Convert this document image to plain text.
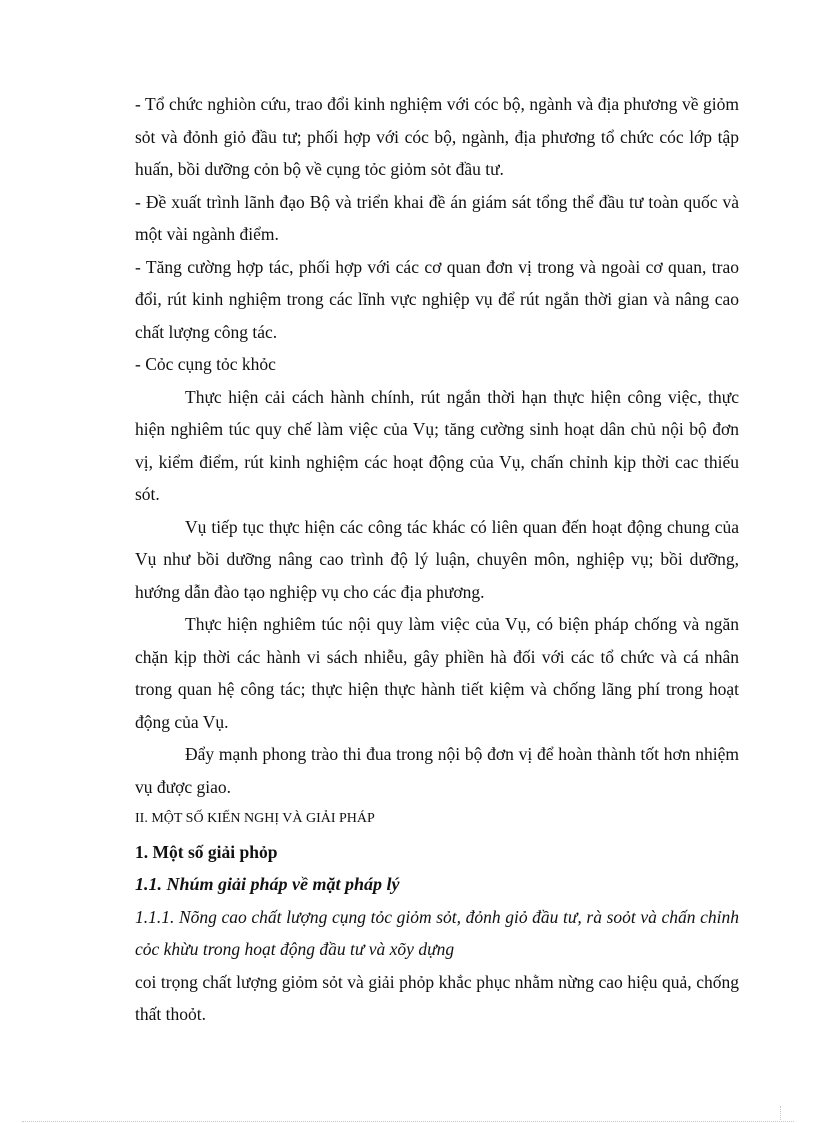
- Tổ chức nghiòn cứu, trao đổi kinh nghiệm với cóc bộ, ngành và địa phương về giỏm sỏt và đỏnh giỏ đầu tư; phối hợp với cóc bộ, ngành, địa phương tổ chức cóc lớp tập huấn, bồi dưỡng cỏn bộ về cụng tỏc giỏm sỏt đầu tư.

- Đề xuất trình lãnh đạo Bộ và triển khai đề án giám sát tổng thể đầu tư toàn quốc và một vài ngành điểm.

- Tăng cường hợp tác, phối hợp với các cơ quan đơn vị trong và ngoài cơ quan, trao đổi, rút kinh nghiệm trong các lĩnh vực nghiệp vụ để rút ngắn thời gian và nâng cao chất lượng công tác.

- Cỏc cụng tỏc khỏc

Thực hiện cải cách hành chính, rút ngắn thời hạn thực hiện công việc, thực hiện nghiêm túc quy chế làm việc của Vụ; tăng cường sinh hoạt dân chủ nội bộ đơn vị, kiểm điểm, rút kinh nghiệm các hoạt động của Vụ, chấn chỉnh kịp thời cac thiếu sót.

Vụ tiếp tục thực hiện các công tác khác có liên quan đến hoạt động chung của Vụ như bồi dưỡng nâng cao trình độ lý luận, chuyên môn, nghiệp vụ; bồi dưỡng, hướng dẫn đào tạo nghiệp vụ cho các địa phương.

Thực hiện nghiêm túc nội quy làm việc của Vụ, có biện pháp chống và ngăn chặn kịp thời các hành vi sách nhiễu, gây phiền hà đối với các tổ chức và cá nhân trong quan hệ công tác; thực hiện thực hành tiết kiệm và chống lãng phí trong hoạt động của Vụ.

Đẩy mạnh phong trào thi đua trong nội bộ đơn vị để hoàn thành tốt hơn nhiệm vụ được giao.

II. MỘT SỐ KIẾN NGHỊ VÀ GIẢI PHÁP

1. Một số giải phỏp

1.1. Nhúm giải pháp về mặt pháp lý

1.1.1. Nõng cao chất lượng cụng tỏc giỏm sỏt, đỏnh giỏ đầu tư, rà soỏt và chấn chỉnh cỏc khừu trong hoạt động đầu tư và xõy dựng

coi trọng chất lượng giỏm sỏt và giải phỏp khắc phục nhằm nừng cao hiệu quả, chống thất thoỏt.
